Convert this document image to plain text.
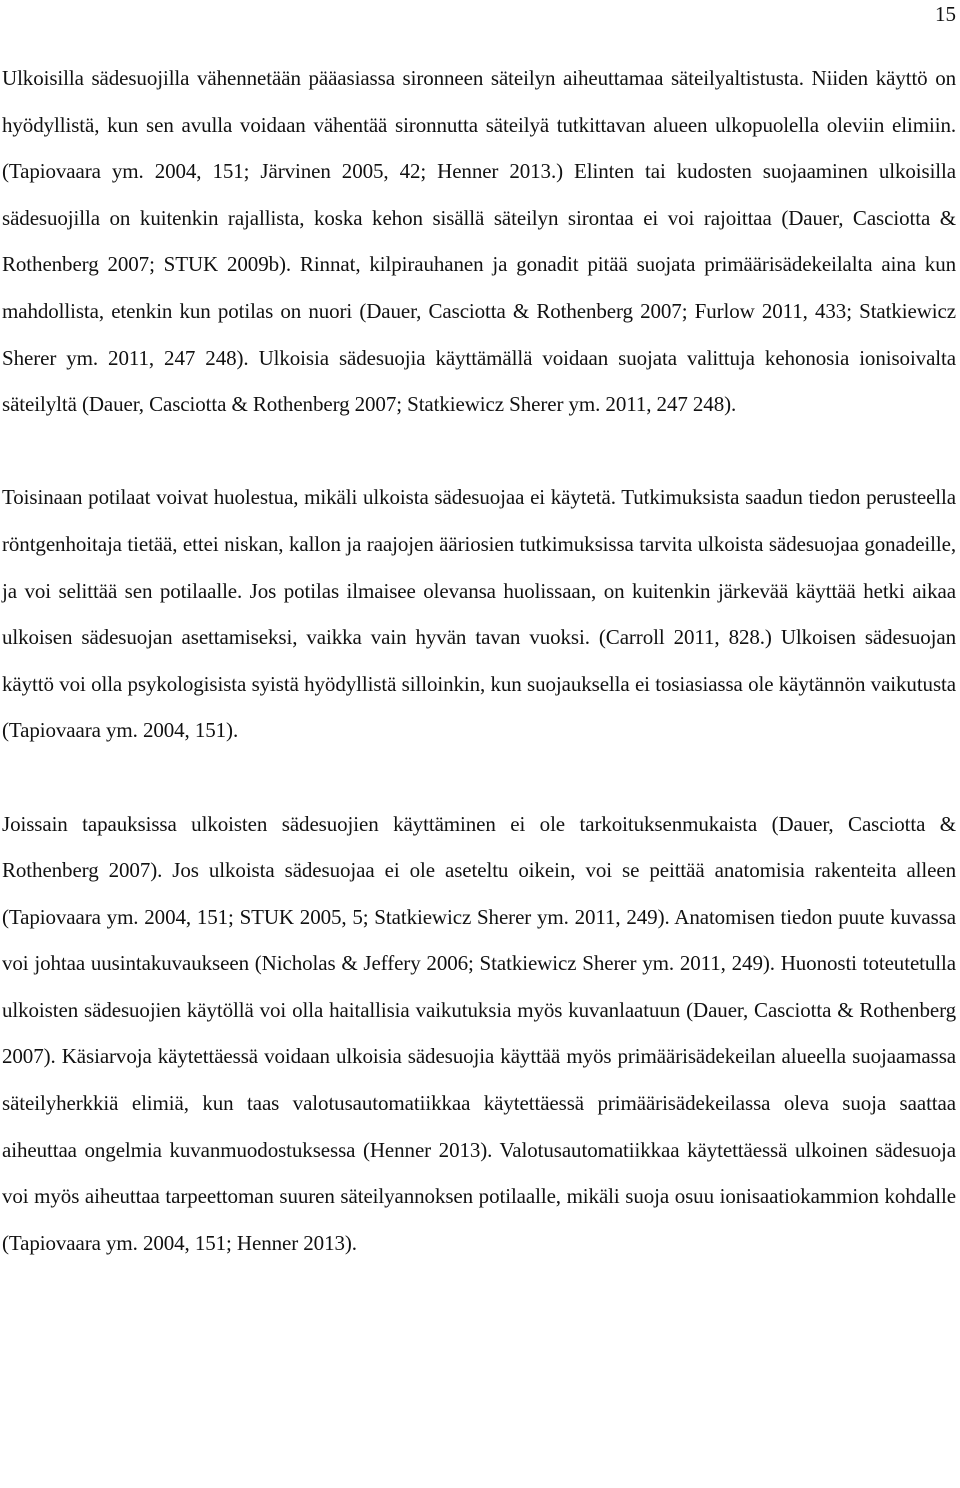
15

Ulkoisilla sädesuojilla vähennetään pääasiassa sironneen säteilyn aiheuttamaa säteilyaltistusta. Niiden käyttö on hyödyllistä, kun sen avulla voidaan vähentää sironnutta säteilyä tutkittavan alueen ulkopuolella oleviin elimiin. (Tapiovaara ym. 2004, 151; Järvinen 2005, 42; Henner 2013.) Elinten tai kudosten suojaaminen ulkoisilla sädesuojilla on kuitenkin rajallista, koska kehon sisällä säteilyn sirontaa ei voi rajoittaa (Dauer, Casciotta & Rothenberg 2007; STUK 2009b). Rinnat, kilpirauhanen ja gonadit pitää suojata primäärisädekeilalta aina kun mahdollista, etenkin kun potilas on nuori (Dauer, Casciotta & Rothenberg 2007; Furlow 2011, 433; Statkiewicz Sherer ym. 2011, 247 248). Ulkoisia sädesuojia käyttämällä voidaan suojata valittuja kehonosia ionisoivalta säteilyltä (Dauer, Casciotta & Rothenberg 2007; Statkiewicz Sherer ym. 2011, 247 248).

Toisinaan potilaat voivat huolestua, mikäli ulkoista sädesuojaa ei käytetä. Tutkimuksista saadun tiedon perusteella röntgenhoitaja tietää, ettei niskan, kallon ja raajojen ääriosien tutkimuksissa tarvita ulkoista sädesuojaa gonadeille, ja voi selittää sen potilaalle. Jos potilas ilmaisee olevansa huolissaan, on kuitenkin järkevää käyttää hetki aikaa ulkoisen sädesuojan asettamiseksi, vaikka vain hyvän tavan vuoksi. (Carroll 2011, 828.) Ulkoisen sädesuojan käyttö voi olla psykologisista syistä hyödyllistä silloinkin, kun suojauksella ei tosiasiassa ole käytännön vaikutusta (Tapiovaara ym. 2004, 151).

Joissain tapauksissa ulkoisten sädesuojien käyttäminen ei ole tarkoituksenmukaista (Dauer, Casciotta & Rothenberg 2007). Jos ulkoista sädesuojaa ei ole aseteltu oikein, voi se peittää anatomisia rakenteita alleen (Tapiovaara ym. 2004, 151; STUK 2005, 5; Statkiewicz Sherer ym. 2011, 249). Anatomisen tiedon puute kuvassa voi johtaa uusintakuvaukseen (Nicholas & Jeffery 2006; Statkiewicz Sherer ym. 2011, 249). Huonosti toteutetulla ulkoisten sädesuojien käytöllä voi olla haitallisia vaikutuksia myös kuvanlaatuun (Dauer, Casciotta & Rothenberg 2007). Käsiarvoja käytettäessä voidaan ulkoisia sädesuojia käyttää myös primäärisädekeilan alueella suojaamassa säteilyherkkiä elimiä, kun taas valotusautomatiikkaa käytettäessä primäärisädekeilassa oleva suoja saattaa aiheuttaa ongelmia kuvanmuodostuksessa (Henner 2013). Valotusautomatiikkaa käytettäessä ulkoinen sädesuoja voi myös aiheuttaa tarpeettoman suuren säteilyannoksen potilaalle, mikäli suoja osuu ionisaatiokammion kohdalle (Tapiovaara ym. 2004, 151; Henner 2013).
